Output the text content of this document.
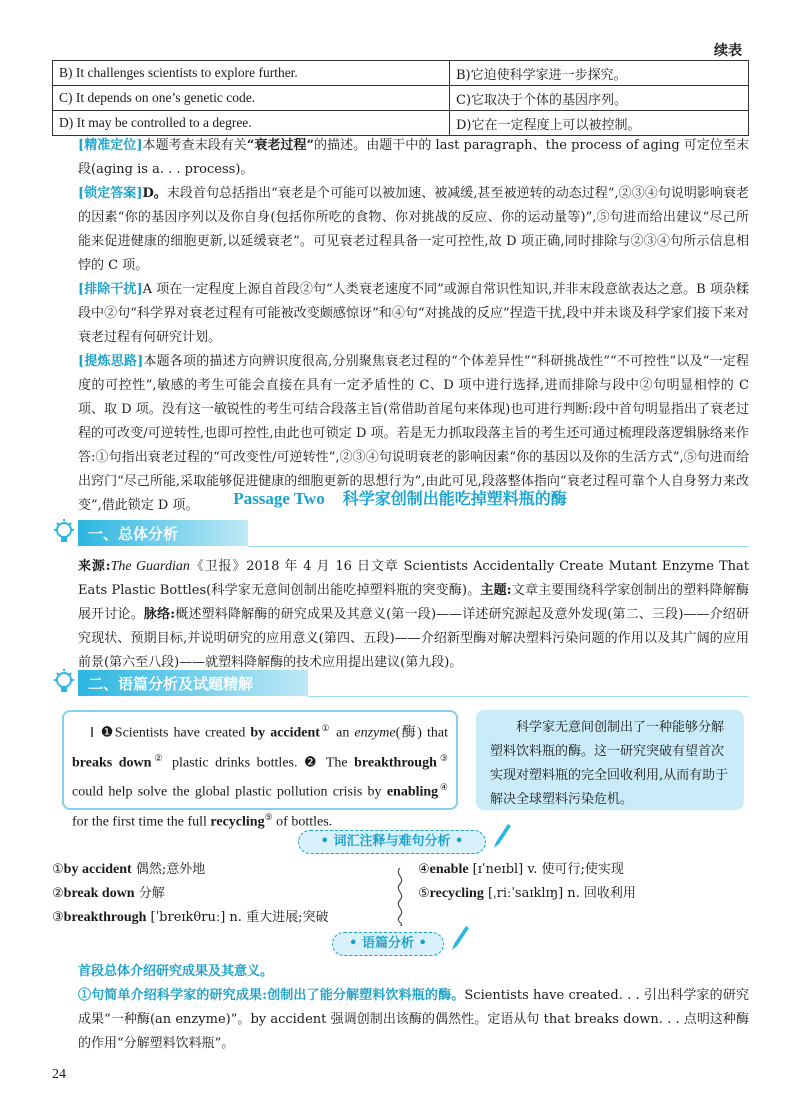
续表
B) It challenges scientists to explore further.	B)它迫使科学家进一步探究。
C) It depends on one’s genetic code.	C)它取决于个体的基因序列。
D) It may be controlled to a degree.	D)它在一定程度上可以被控制。
[精准定位]本题考查末段有关“衰老过程”的描述。由题干中的 last paragraph、the process of aging 可定位至末段(aging is a. . . process)。
[锁定答案]D。末段首句总括指出“衰老是个可能可以被加速、被减缓,甚至被逆转的动态过程”,②③④句说明影响衰老的因素“你的基因序列以及你自身(包括你所吃的食物、你对挑战的反应、你的运动量等)”,⑤句进而给出建议“尽己所能来促进健康的细胞更新,以延缓衰老”。可见衰老过程具备一定可控性,故 D 项正确,同时排除与②③④句所示信息相悖的 C 项。
[排除干扰]A 项在一定程度上源自首段②句“人类衰老速度不同”或源自常识性知识,并非末段意欲表达之意。B 项杂糅段中②句“科学界对衰老过程有可能被改变颇感惊讶”和④句“对挑战的反应”捏造干扰,段中并未谈及科学家们接下来对衰老过程有何研究计划。
[提炼思路]本题各项的描述方向辨识度很高,分别聚焦衰老过程的“个体差异性”“科研挑战性”“不可控性”以及“一定程度的可控性”,敏感的考生可能会直接在具有一定矛盾性的 C、D 项中进行选择,进而排除与段中②句明显相悖的 C 项、取 D 项。没有这一敏锐性的考生可结合段落主旨(常借助首尾句来体现)也可进行判断:段中首句明显指出了衰老过程的可改变/可逆转性,也即可控性,由此也可锁定 D 项。若是无力抓取段落主旨的考生还可通过梳理段落逻辑脉络来作答:①句指出衰老过程的“可改变性/可逆转性”,②③④句说明衰老的影响因素“你的基因以及你的生活方式”,⑤句进而给出窍门“尽己所能,采取能够促进健康的细胞更新的思想行为”,由此可见,段落整体指向“衰老过程可靠个人自身努力来改变”,借此锁定 D 项。	Passage Two 科学家创制出能吃掉塑料瓶的酶
一、总体分析
来源:The Guardian《卫报》2018 年 4 月 16 日文章 Scientists Accidentally Create Mutant Enzyme That Eats Plastic Bottles(科学家无意间创制出能吃掉塑料瓶的突变酶)。主题:文章主要围绕科学家创制出的塑料降解酶展开讨论。脉络:概述塑料降解酶的研究成果及其意义(第一段)——详述研究源起及意外发现(第二、三段)——介绍研究现状、预期目标,并说明研究的应用意义(第四、五段)——介绍新型酶对解决塑料污染问题的作用以及其广阔的应用前景(第六至八段)——就塑料降解酶的技术应用提出建议(第九段)。
二、语篇分析及试题精解
Ⅰ ❶Scientists have created by accident① an enzyme(酶) that breaks down② plastic drinks bottles. ❷ The breakthrough③ could help solve the global plastic pollution crisis by enabling④ for the first time the full recycling⑤ of bottles.
科学家无意间创制出了一种能够分解塑料饮料瓶的酶。这一研究突破有望首次实现对塑料瓶的完全回收利用,从而有助于解决全球塑料污染危机。
• 词汇注释与难句分析 •
①by accident 偶然;意外地
②break down 分解
③breakthrough [ˈbreɪkθruː] n. 重大进展;突破
④enable [ɪˈneɪbl] v. 使可行;使实现
⑤recycling [ˌriːˈsaɪklɪŋ] n. 回收利用
• 语篇分析 •
首段总体介绍研究成果及其意义。
①句简单介绍科学家的研究成果:创制出了能分解塑料饮料瓶的酶。Scientists have created. . . 引出科学家的研究成果“一种酶(an enzyme)”。by accident 强调创制出该酶的偶然性。定语从句 that breaks down. . . 点明这种酶的作用“分解塑料饮料瓶”。
24
